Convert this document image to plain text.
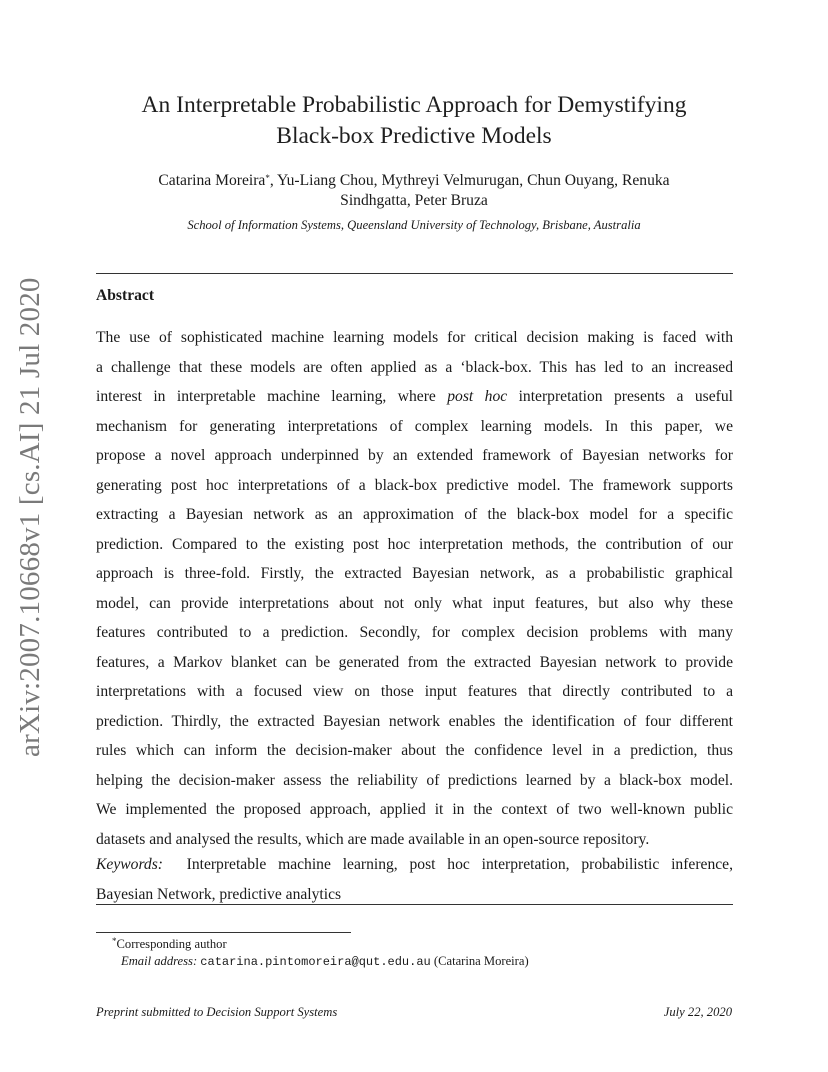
arXiv:2007.10668v1 [cs.AI] 21 Jul 2020
An Interpretable Probabilistic Approach for Demystifying
Black-box Predictive Models
Catarina Moreira*, Yu-Liang Chou, Mythreyi Velmurugan, Chun Ouyang, Renuka
Sindhgatta, Peter Bruza
School of Information Systems, Queensland University of Technology, Brisbane, Australia
Abstract
The use of sophisticated machine learning models for critical decision making is faced with
a challenge that these models are often applied as a ‘black-box. This has led to an increased
interest in interpretable machine learning, where post hoc interpretation presents a useful
mechanism for generating interpretations of complex learning models. In this paper, we
propose a novel approach underpinned by an extended framework of Bayesian networks for
generating post hoc interpretations of a black-box predictive model. The framework supports
extracting a Bayesian network as an approximation of the black-box model for a specific
prediction. Compared to the existing post hoc interpretation methods, the contribution of our
approach is three-fold. Firstly, the extracted Bayesian network, as a probabilistic graphical
model, can provide interpretations about not only what input features, but also why these
features contributed to a prediction. Secondly, for complex decision problems with many
features, a Markov blanket can be generated from the extracted Bayesian network to provide
interpretations with a focused view on those input features that directly contributed to a
prediction. Thirdly, the extracted Bayesian network enables the identification of four different
rules which can inform the decision-maker about the confidence level in a prediction, thus
helping the decision-maker assess the reliability of predictions learned by a black-box model.
We implemented the proposed approach, applied it in the context of two well-known public
datasets and analysed the results, which are made available in an open-source repository.
Keywords: Interpretable machine learning, post hoc interpretation, probabilistic inference,
Bayesian Network, predictive analytics
*Corresponding author
Email address: catarina.pintomoreira@qut.edu.au (Catarina Moreira)
Preprint submitted to Decision Support Systems	July 22, 2020
